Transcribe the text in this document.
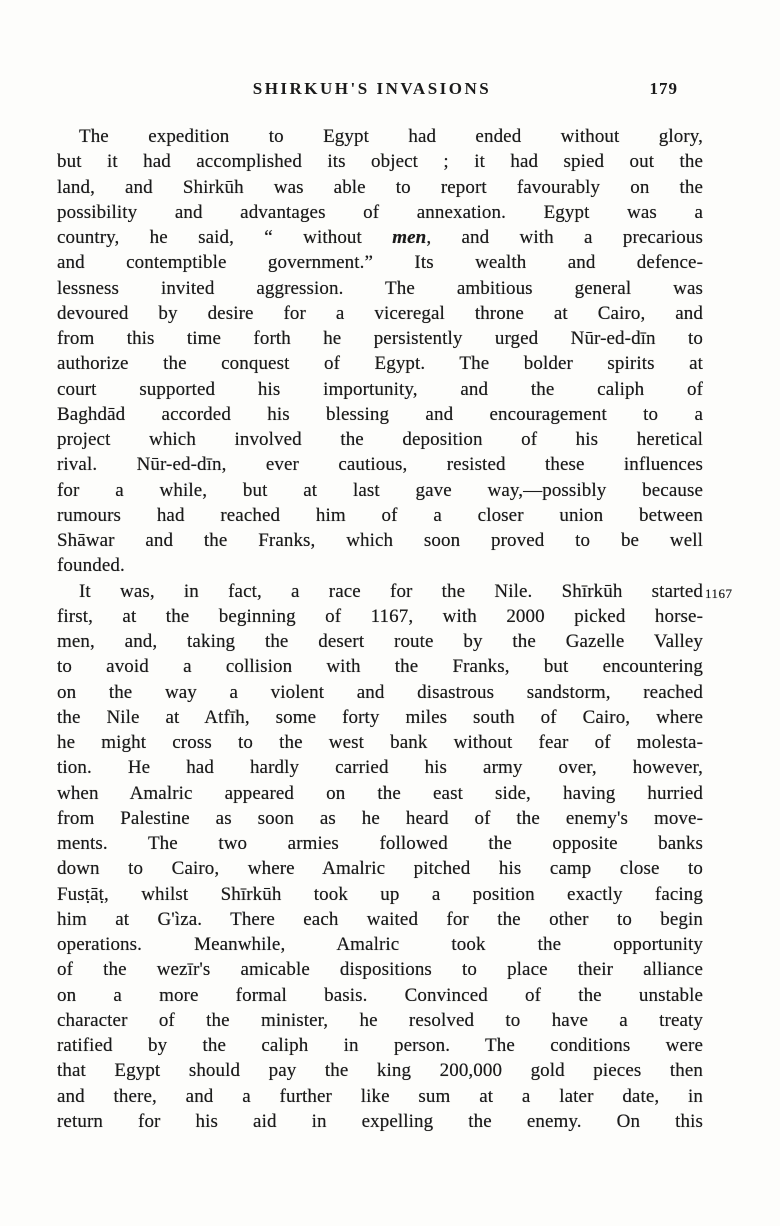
SHIRKUH'S INVASIONS	179
The expedition to Egypt had ended without glory,
but it had accomplished its object ; it had spied out the
land, and Shirkūh was able to report favourably on the
possibility and advantages of annexation. Egypt was a
country, he said, “ without men, and with a precarious
and contemptible government.” Its wealth and defence-
lessness invited aggression. The ambitious general was
devoured by desire for a viceregal throne at Cairo, and
from this time forth he persistently urged Nūr-ed-dīn to
authorize the conquest of Egypt. The bolder spirits at
court supported his importunity, and the caliph of
Baghdād accorded his blessing and encouragement to a
project which involved the deposition of his heretical
rival. Nūr-ed-dīn, ever cautious, resisted these influences
for a while, but at last gave way,—possibly because
rumours had reached him of a closer union between
Shāwar and the Franks, which soon proved to be well
founded.
It was, in fact, a race for the Nile. Shīrkūh started
first, at the beginning of 1167, with 2000 picked horse-
men, and, taking the desert route by the Gazelle Valley
to avoid a collision with the Franks, but encountering
on the way a violent and disastrous sandstorm, reached
the Nile at Atfīh, some forty miles south of Cairo, where
he might cross to the west bank without fear of molesta-
tion. He had hardly carried his army over, however,
when Amalric appeared on the east side, having hurried
from Palestine as soon as he heard of the enemy's move-
ments. The two armies followed the opposite banks
down to Cairo, where Amalric pitched his camp close to
Fusṭāṭ, whilst Shīrkūh took up a position exactly facing
him at G'ìza. There each waited for the other to begin
operations. Meanwhile, Amalric took the opportunity
of the wezīr's amicable dispositions to place their alliance
on a more formal basis. Convinced of the unstable
character of the minister, he resolved to have a treaty
ratified by the caliph in person. The conditions were
that Egypt should pay the king 200,000 gold pieces then
and there, and a further like sum at a later date, in
return for his aid in expelling the enemy. On this
1167
